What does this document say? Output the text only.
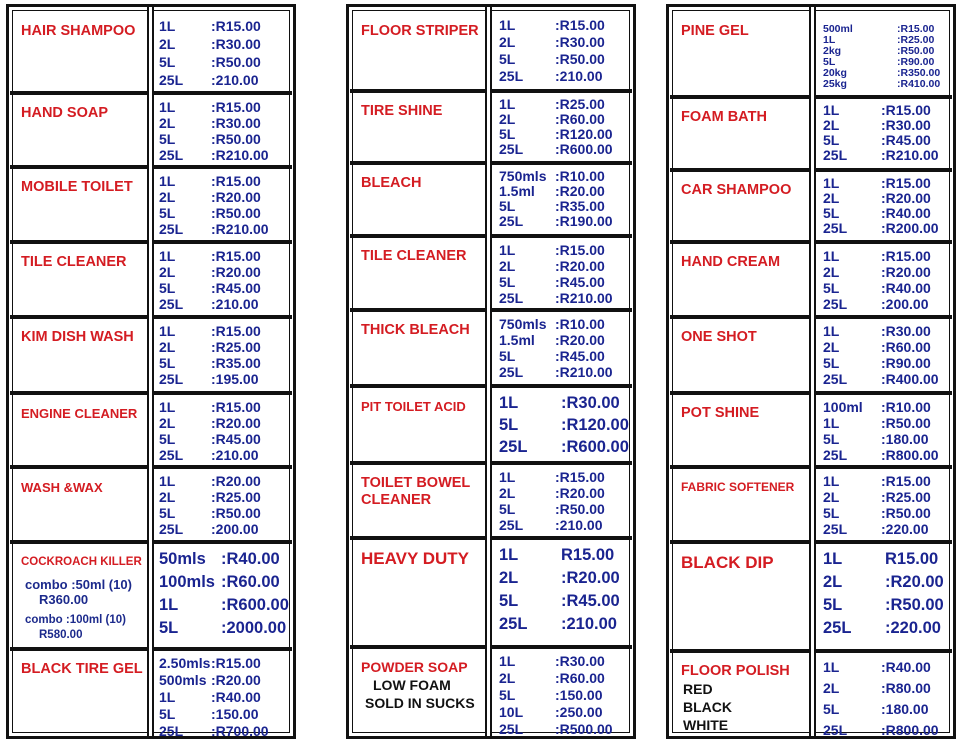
HAIR SHAMPOO 1L	:R15.00
2L	:R30.00
5L	:R50.00
25L	:210.00
HAND SOAP	1L	:R15.00
2L	:R30.00
5L	:R50.00
25L	:R210.00
MOBILE TOILET 1L	:R15.00
2L	:R20.00
5L	:R50.00
25L	:R210.00
TILE CLEANER 1L	:R15.00
2L	:R20.00
5L	:R45.00
25L	:210.00
KIM DISH WASH 1L	:R15.00
2L	:R25.00
5L	:R35.00
25L	:195.00
ENGINE CLEANER 1L	:R15.00
2L	:R20.00
5L	:R45.00
25L	:210.00
WASH &WAX	1L	:R20.00
2L	:R25.00
5L	:R50.00
25L	:200.00
COCKROACH KILLER
combo :50ml (10)
R360.00
combo :100ml (10)
R580.00
50mls :R40.00
100mls :R60.00
1L	:R600.00
5L	:2000.00
BLACK TIRE GEL 2.50mls :R15.00
500mls :R20.00
1L	:R40.00
5L	:150.00
25L	:R700.00
FLOOR STRIPER 1L	:R15.00
2L	:R30.00
5L	:R50.00
25L	:210.00
TIRE SHINE	1L	:R25.00
2L	:R60.00
5L	:R120.00
25L	:R600.00
BLEACH	750mls :R10.00
1.5ml	:R20.00
5L	:R35.00
25L	:R190.00
TILE CLEANER 1L	:R15.00
2L	:R20.00
5L	:R45.00
25L	:R210.00
THICK BLEACH 750mls :R10.00
1.5ml	:R20.00
5L	:R45.00
25L	:R210.00
PIT TOILET ACID 1L	:R30.00
5L	:R120.00
25L	:R600.00
TOILET BOWEL CLEANER
1L	:R15.00
2L	:R20.00
5L	:R50.00
25L	:210.00
HEAVY DUTY 1L	R15.00
2L	:R20.00
5L	:R45.00
25L	:210.00
POWDER SOAP
LOW FOAM
SOLD IN SUCKS
1L	:R30.00
2L	:R60.00
5L	:150.00
10L	:250.00
25L	:R500.00
PINE GEL	500ml	:R15.00
1L	:R25.00
2kg	:R50.00
5L	:R90.00
20kg	:R350.00
25kg	:R410.00
FOAM BATH	1L	:R15.00
2L	:R30.00
5L	:R45.00
25L	:R210.00
CAR SHAMPOO 1L	:R15.00
2L	:R20.00
5L	:R40.00
25L	:R200.00
HAND CREAM	1L	:R15.00
2L	:R20.00
5L	:R40.00
25L	:200.00
ONE SHOT	1L	:R30.00
2L	:R60.00
5L	:R90.00
25L	:R400.00
POT SHINE	100ml	:R10.00
1L	:R50.00
5L	:180.00
25L	:R800.00
FABRIC SOFTENER 1L	:R15.00
2L	:R25.00
5L	:R50.00
25L	:220.00
BLACK DIP	1L	R15.00
2L	:R20.00
5L	:R50.00
25L	:220.00
FLOOR POLISH
RED
BLACK
WHITE
1L	:R40.00
2L	:R80.00
5L	:180.00
25L	:R800.00
